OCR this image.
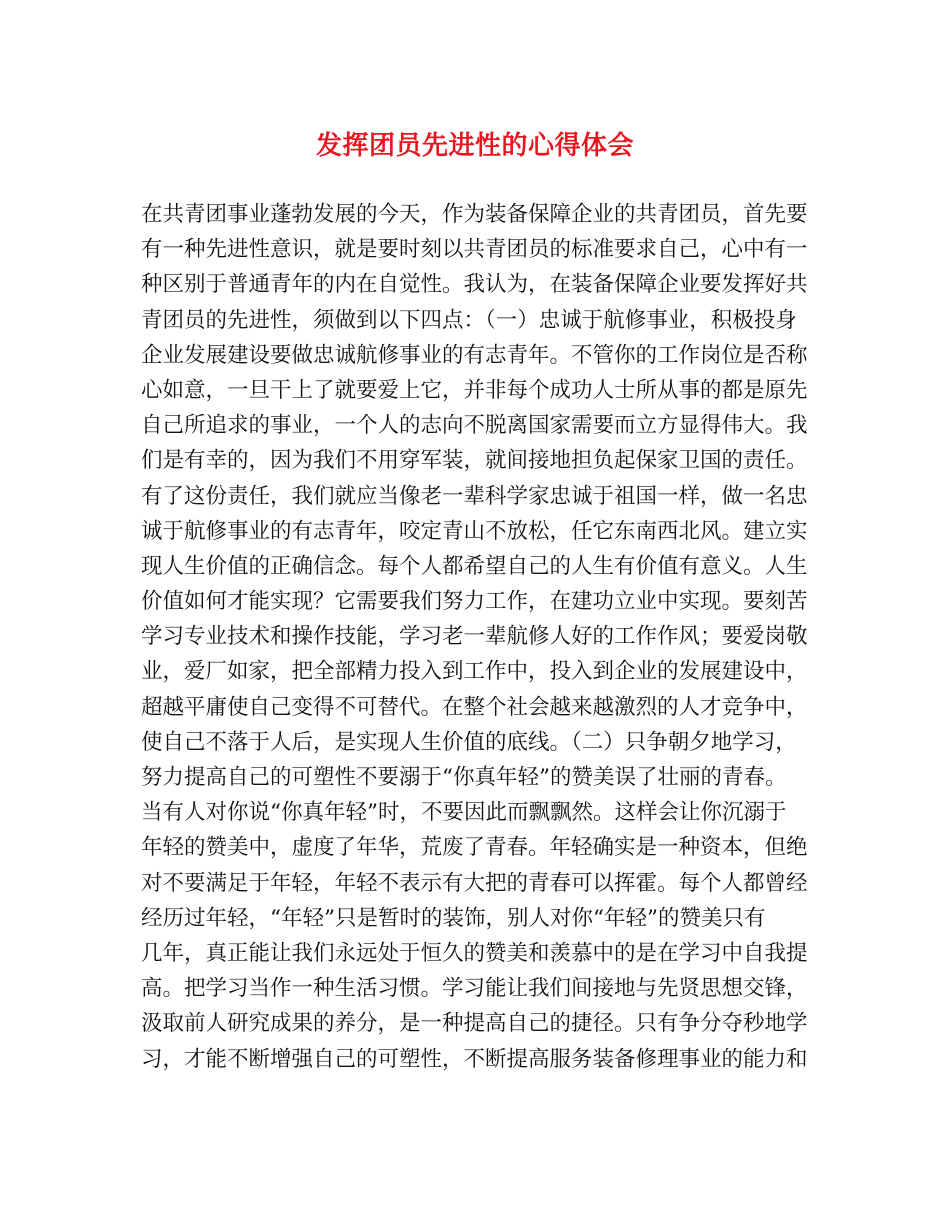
发挥团员先进性的心得体会
在共青团事业蓬勃发展的今天，作为装备保障企业的共青团员，首先要
有一种先进性意识，就是要时刻以共青团员的标准要求自己，心中有一
种区别于普通青年的内在自觉性。我认为，在装备保障企业要发挥好共
青团员的先进性，须做到以下四点：（一）忠诚于航修事业，积极投身
企业发展建设要做忠诚航修事业的有志青年。不管你的工作岗位是否称
心如意，一旦干上了就要爱上它，并非每个成功人士所从事的都是原先
自己所追求的事业，一个人的志向不脱离国家需要而立方显得伟大。我
们是有幸的，因为我们不用穿军装，就间接地担负起保家卫国的责任。
有了这份责任，我们就应当像老一辈科学家忠诚于祖国一样，做一名忠
诚于航修事业的有志青年，咬定青山不放松，任它东南西北风。建立实
现人生价值的正确信念。每个人都希望自己的人生有价值有意义。人生
价值如何才能实现？它需要我们努力工作，在建功立业中实现。要刻苦
学习专业技术和操作技能，学习老一辈航修人好的工作作风；要爱岗敬
业，爱厂如家，把全部精力投入到工作中，投入到企业的发展建设中，
超越平庸使自己变得不可替代。在整个社会越来越激烈的人才竞争中，
使自己不落于人后，是实现人生价值的底线。（二）只争朝夕地学习，
努力提高自己的可塑性不要溺于“你真年轻”的赞美误了壮丽的青春。
当有人对你说“你真年轻”时，不要因此而飘飘然。这样会让你沉溺于
年轻的赞美中，虚度了年华，荒废了青春。年轻确实是一种资本，但绝
对不要满足于年轻，年轻不表示有大把的青春可以挥霍。每个人都曾经
经历过年轻，“年轻”只是暂时的装饰，别人对你“年轻”的赞美只有
几年，真正能让我们永远处于恒久的赞美和羡慕中的是在学习中自我提
高。把学习当作一种生活习惯。学习能让我们间接地与先贤思想交锋，
汲取前人研究成果的养分，是一种提高自己的捷径。只有争分夺秒地学
习，才能不断增强自己的可塑性，不断提高服务装备修理事业的能力和
